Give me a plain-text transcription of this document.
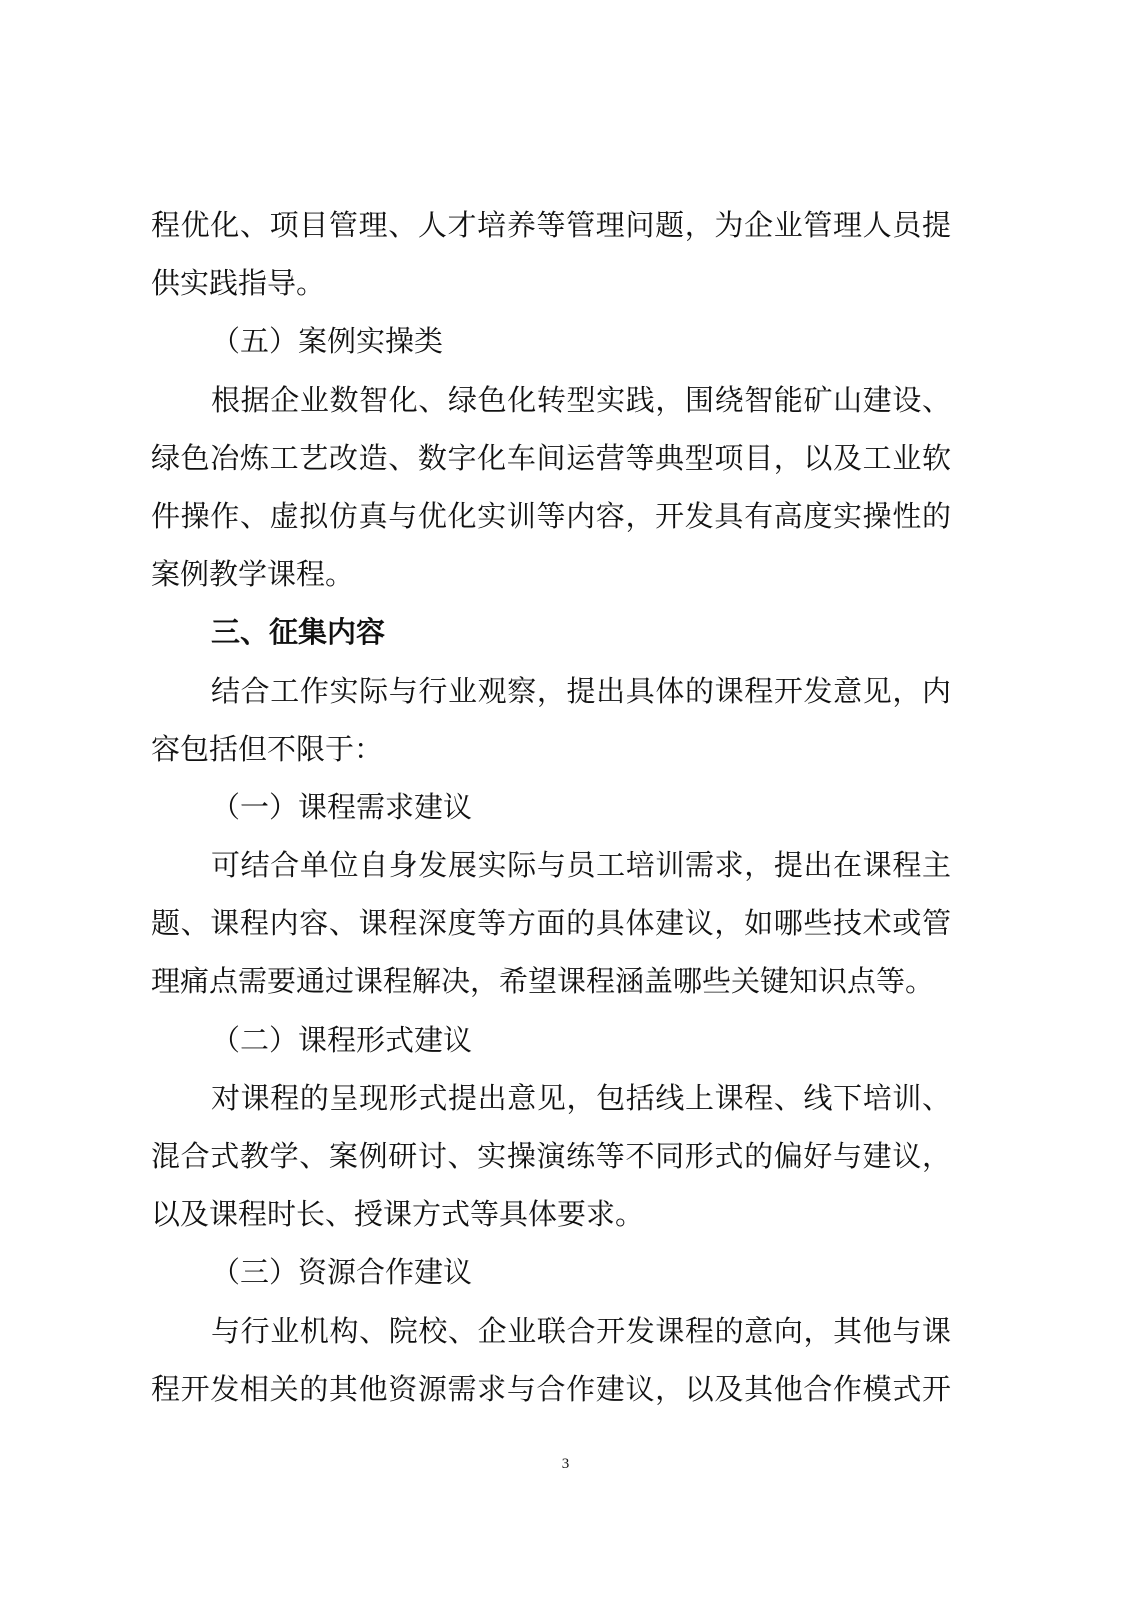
程优化、项目管理、人才培养等管理问题，为企业管理人员提
供实践指导。
（五）案例实操类
根据企业数智化、绿色化转型实践，围绕智能矿山建设、
绿色冶炼工艺改造、数字化车间运营等典型项目，以及工业软
件操作、虚拟仿真与优化实训等内容，开发具有高度实操性的
案例教学课程。
三、征集内容
结合工作实际与行业观察，提出具体的课程开发意见，内
容包括但不限于：
（一）课程需求建议
可结合单位自身发展实际与员工培训需求，提出在课程主
题、课程内容、课程深度等方面的具体建议，如哪些技术或管
理痛点需要通过课程解决，希望课程涵盖哪些关键知识点等。
（二）课程形式建议
对课程的呈现形式提出意见，包括线上课程、线下培训、
混合式教学、案例研讨、实操演练等不同形式的偏好与建议，
以及课程时长、授课方式等具体要求。
（三）资源合作建议
与行业机构、院校、企业联合开发课程的意向，其他与课
程开发相关的其他资源需求与合作建议，以及其他合作模式开
3
